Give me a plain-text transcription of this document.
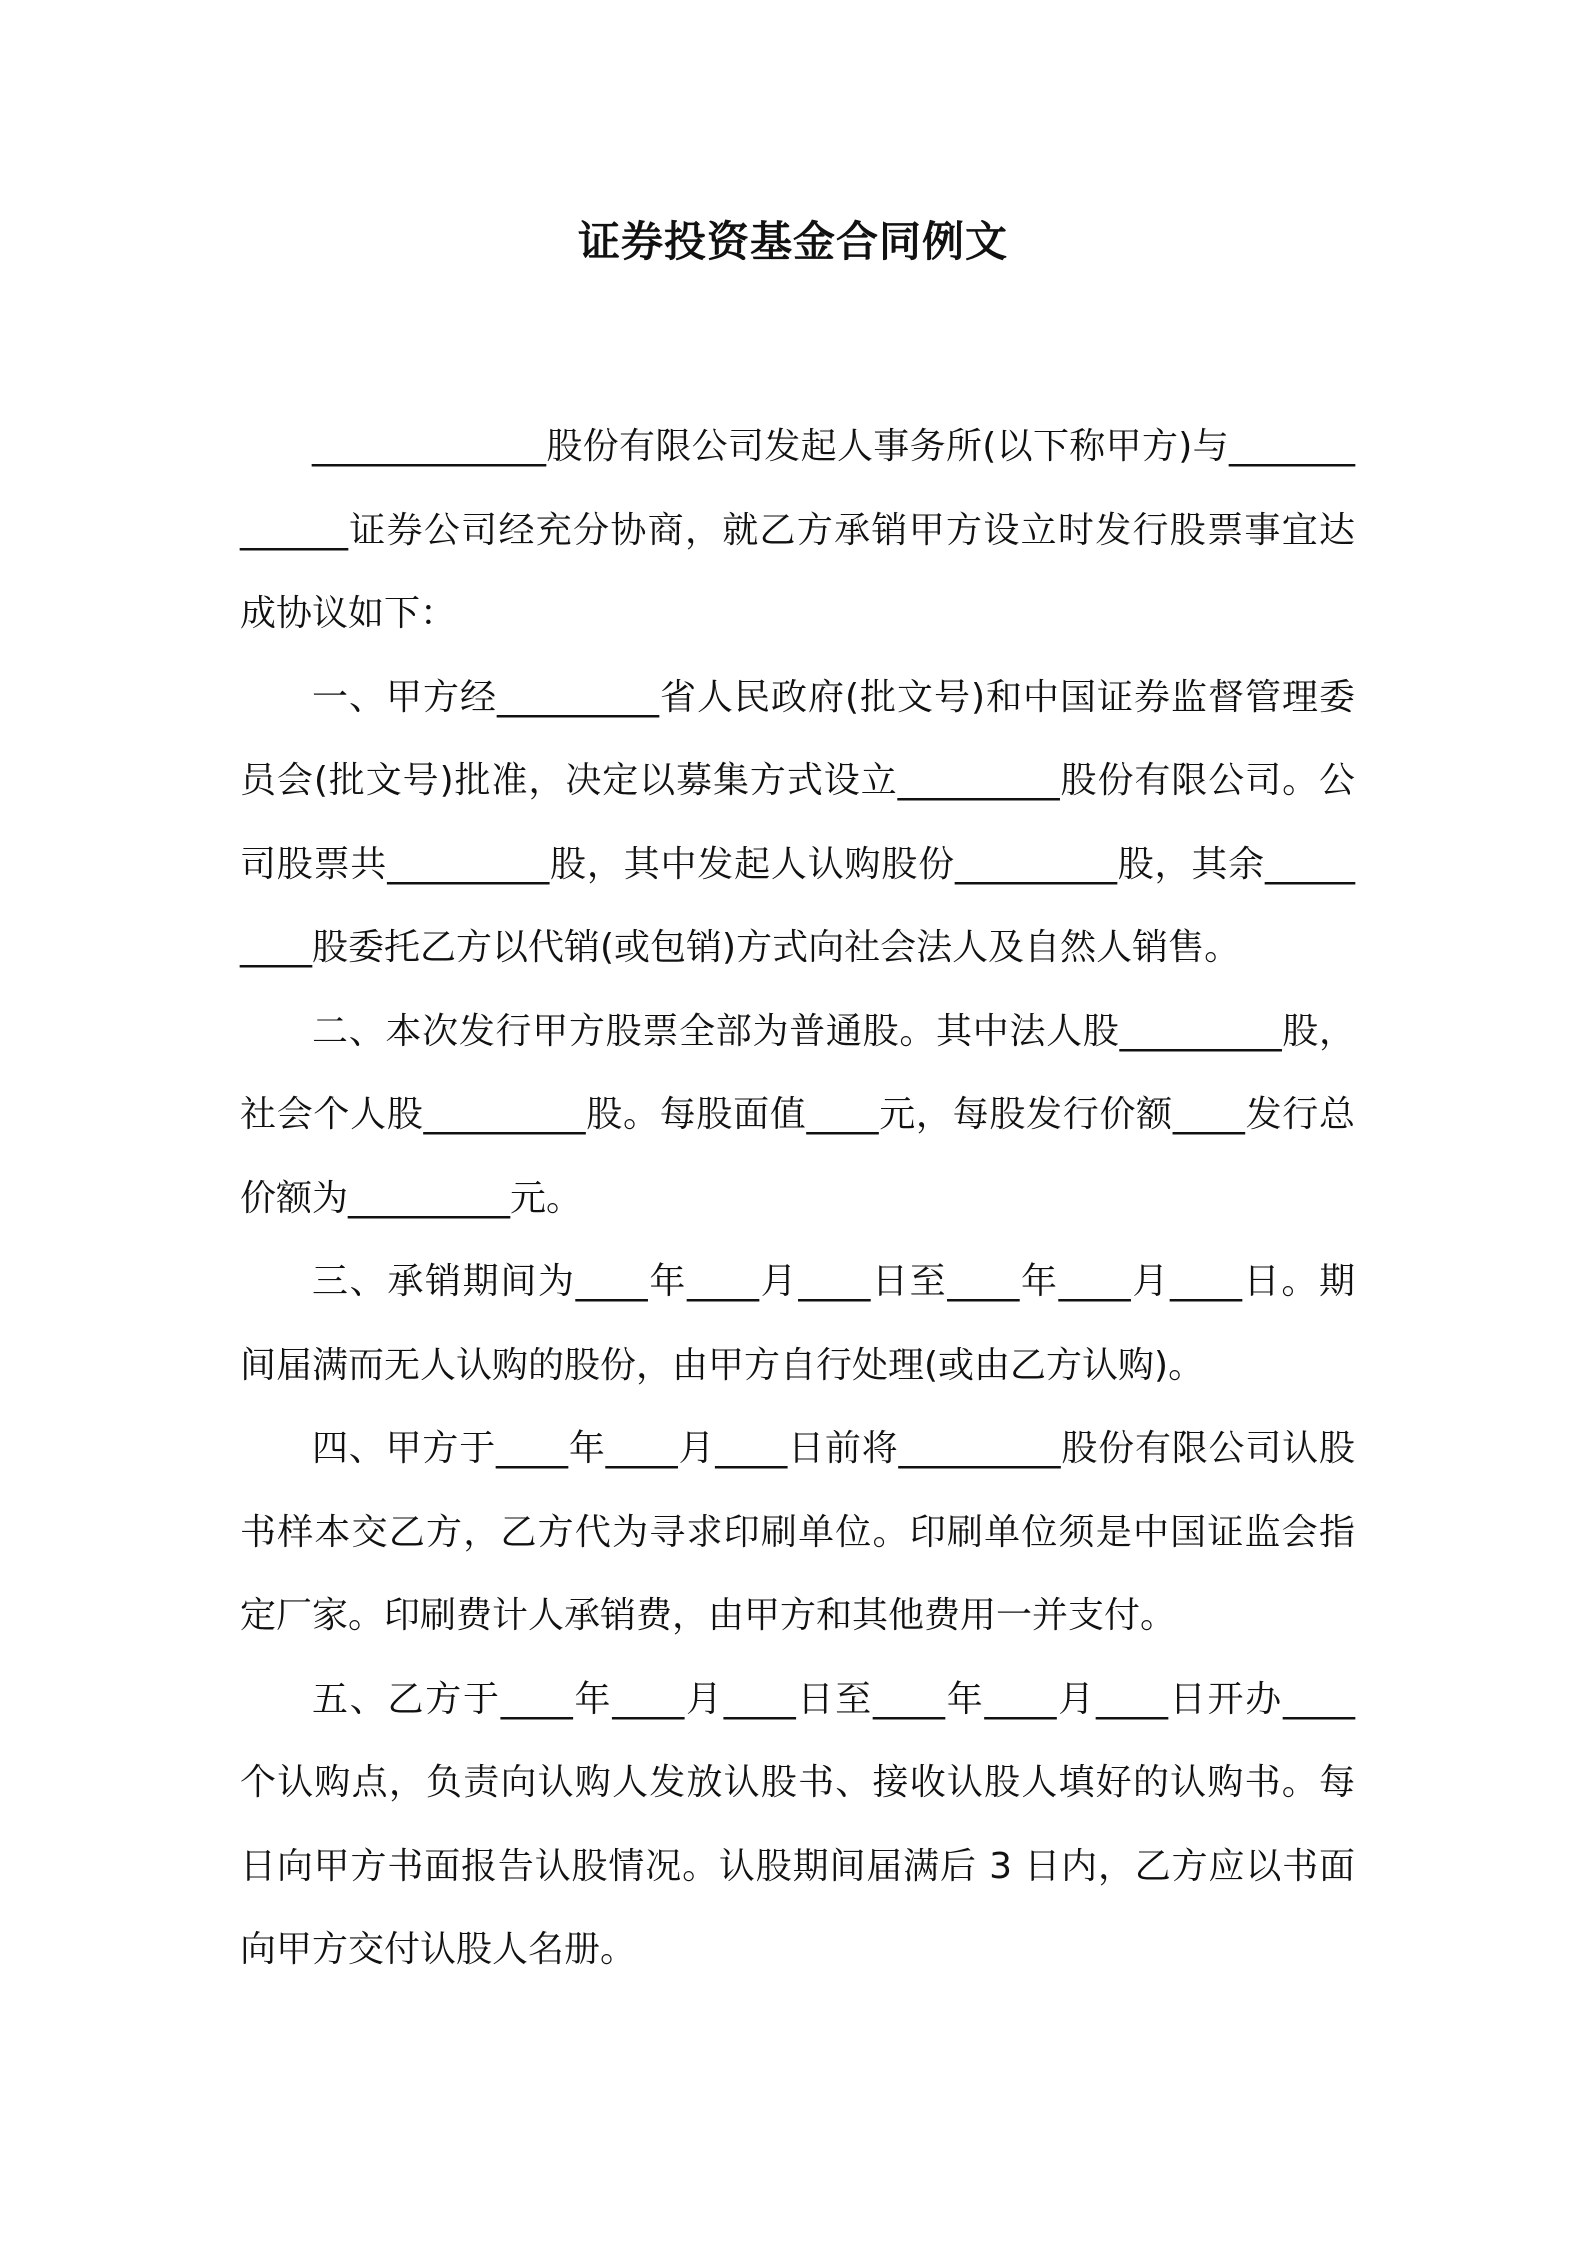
证券投资基金合同例文

_____________股份有限公司发起人事务所(以下称甲方)与_____________证券公司经充分协商，就乙方承销甲方设立时发行股票事宜达成协议如下：

一、甲方经_________省人民政府(批文号)和中国证券监督管理委员会(批文号)批准，决定以募集方式设立_________股份有限公司。公司股票共_________股，其中发起人认购股份_________股，其余_________股委托乙方以代销(或包销)方式向社会法人及自然人销售。

二、本次发行甲方股票全部为普通股。其中法人股_________股，社会个人股_________股。每股面值____元，每股发行价额____发行总价额为_________元。

三、承销期间为____年____月____日至____年____月____日。期间届满而无人认购的股份，由甲方自行处理(或由乙方认购)。

四、甲方于____年____月____日前将_________股份有限公司认股书样本交乙方，乙方代为寻求印刷单位。印刷单位须是中国证监会指定厂家。印刷费计人承销费，由甲方和其他费用一并支付。

五、乙方于____年____月____日至____年____月____日开办____个认购点，负责向认购人发放认股书、接收认股人填好的认购书。每日向甲方书面报告认股情况。认股期间届满后 3 日内，乙方应以书面向甲方交付认股人名册。
